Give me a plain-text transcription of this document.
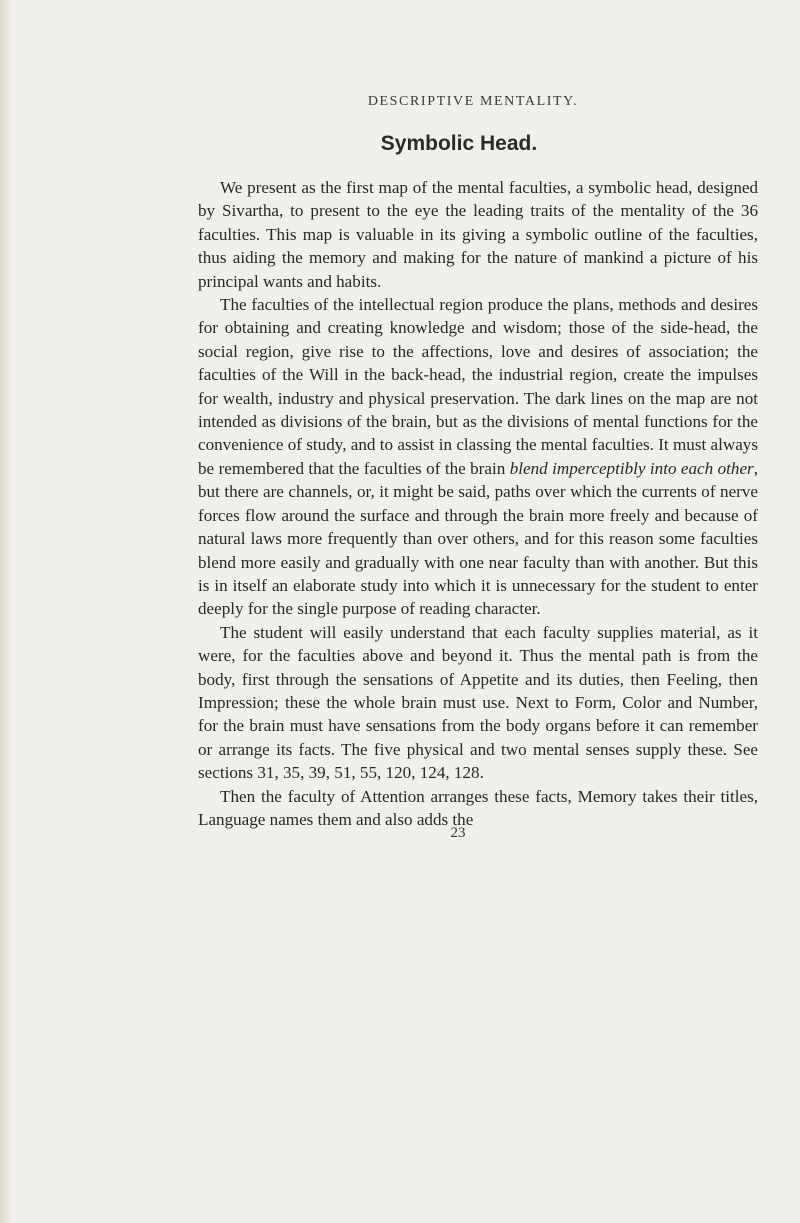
DESCRIPTIVE MENTALITY.
Symbolic Head.

We present as the first map of the mental faculties, a symbolic head, designed by Sivartha, to present to the eye the leading traits of the mentality of the 36 faculties. This map is valuable in its giving a symbolic outline of the faculties, thus aiding the memory and making for the nature of mankind a picture of his principal wants and habits.

The faculties of the intellectual region produce the plans, methods and desires for obtaining and creating knowledge and wisdom; those of the side-head, the social region, give rise to the affections, love and desires of association; the faculties of the Will in the back-head, the industrial region, create the impulses for wealth, industry and physical preservation. The dark lines on the map are not intended as divisions of the brain, but as the divisions of mental functions for the convenience of study, and to assist in classing the mental faculties. It must always be remembered that the faculties of the brain blend imperceptibly into each other, but there are channels, or, it might be said, paths over which the currents of nerve forces flow around the surface and through the brain more freely and because of natural laws more frequently than over others, and for this reason some faculties blend more easily and gradually with one near faculty than with another. But this is in itself an elaborate study into which it is unnecessary for the student to enter deeply for the single purpose of reading character.

The student will easily understand that each faculty supplies material, as it were, for the faculties above and beyond it. Thus the mental path is from the body, first through the sensations of Appetite and its duties, then Feeling, then Impression; these the whole brain must use. Next to Form, Color and Number, for the brain must have sensations from the body organs before it can remember or arrange its facts. The five physical and two mental senses supply these. See sections 31, 35, 39, 51, 55, 120, 124, 128.

Then the faculty of Attention arranges these facts, Memory takes their titles, Language names them and also adds the

23
